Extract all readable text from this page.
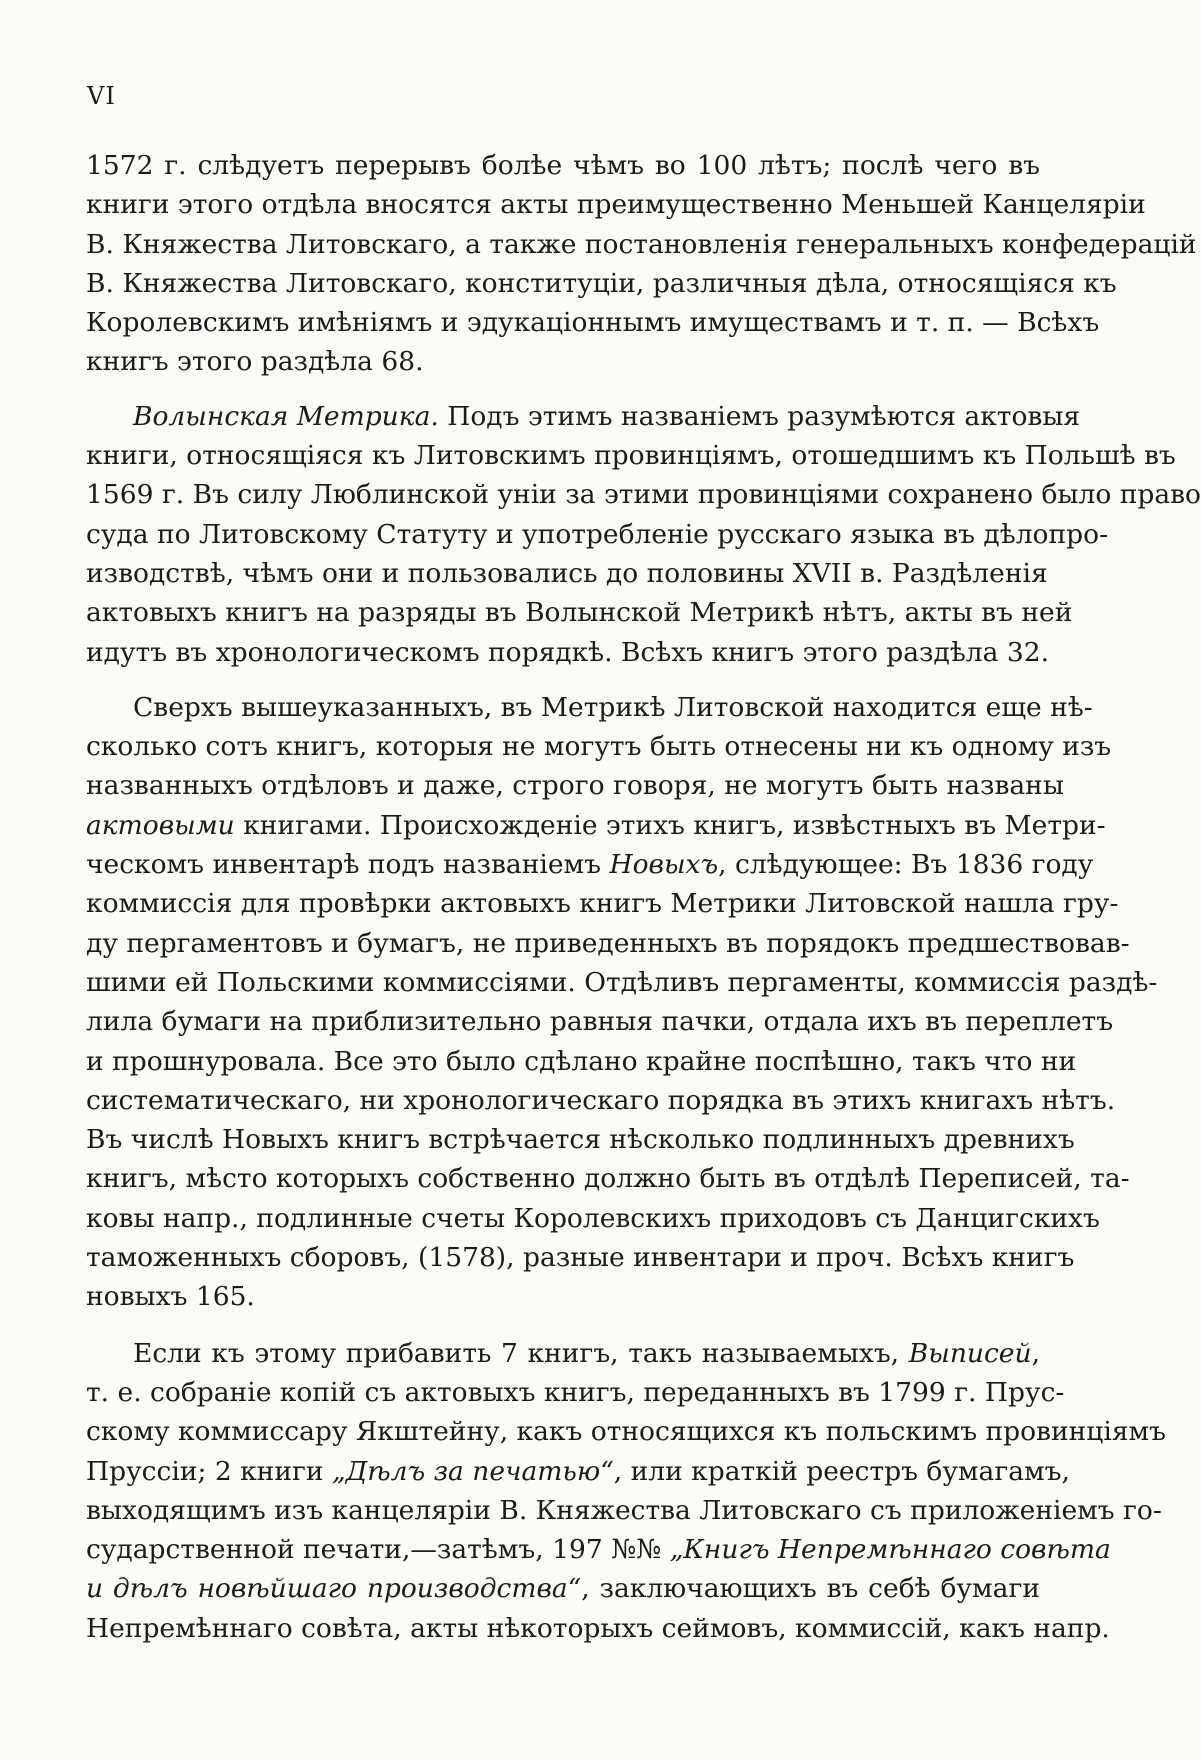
VI
1572 г. слѣдуетъ перерывъ болѣе чѣмъ во 100 лѣтъ; послѣ чего въ
книги этого отдѣла вносятся акты преимущественно Меньшей Канцеляріи
В. Княжества Литовскаго, а также постановленія генеральныхъ конфедерацій
В. Княжества Литовскаго, конституціи, различныя дѣла, относящіяся къ
Королевскимъ имѣніямъ и эдукаціоннымъ имуществамъ и т. п. — Всѣхъ
книгъ этого раздѣла 68.
Волынская Метрика. Подъ этимъ названіемъ разумѣются актовыя
книги, относящіяся къ Литовскимъ провинціямъ, отошедшимъ къ Польшѣ въ
1569 г. Въ силу Люблинской уніи за этими провинціями сохранено было право
суда по Литовскому Статуту и употребленіе русскаго языка въ дѣлопро-
изводствѣ, чѣмъ они и пользовались до половины XVII в. Раздѣленія
актовыхъ книгъ на разряды въ Волынской Метрикѣ нѣтъ, акты въ ней
идутъ въ хронологическомъ порядкѣ. Всѣхъ книгъ этого раздѣла 32.
Сверхъ вышеуказанныхъ, въ Метрикѣ Литовской находится еще нѣ-
сколько сотъ книгъ, которыя не могутъ быть отнесены ни къ одному изъ
названныхъ отдѣловъ и даже, строго говоря, не могутъ быть названы
актовыми книгами. Происхожденіе этихъ книгъ, извѣстныхъ въ Метри-
ческомъ инвентарѣ подъ названіемъ Новыхъ, слѣдующее: Въ 1836 году
коммиссія для провѣрки актовыхъ книгъ Метрики Литовской нашла гру-
ду пергаментовъ и бумагъ, не приведенныхъ въ порядокъ предшествовав-
шими ей Польскими коммиссіями. Отдѣливъ пергаменты, коммиссія раздѣ-
лила бумаги на приблизительно равныя пачки, отдала ихъ въ переплетъ
и прошнуровала. Все это было сдѣлано крайне поспѣшно, такъ что ни
систематическаго, ни хронологическаго порядка въ этихъ книгахъ нѣтъ.
Въ числѣ Новыхъ книгъ встрѣчается нѣсколько подлинныхъ древнихъ
книгъ, мѣсто которыхъ собственно должно быть въ отдѣлѣ Переписей, та-
ковы напр., подлинные счеты Королевскихъ приходовъ съ Данцигскихъ
таможенныхъ сборовъ, (1578), разные инвентари и проч. Всѣхъ книгъ
новыхъ 165.
Если къ этому прибавить 7 книгъ, такъ называемыхъ, Выписей,
т. е. собраніе копій съ актовыхъ книгъ, переданныхъ въ 1799 г. Прус-
скому коммиссару Якштейну, какъ относящихся къ польскимъ провинціямъ
Пруссіи; 2 книги „Дѣлъ за печатью“, или краткій реестръ бумагамъ,
выходящимъ изъ канцеляріи В. Княжества Литовскаго съ приложеніемъ го-
сударственной печати,—затѣмъ, 197 №№ „Книгъ Непремѣннаго совѣта
и дѣлъ новѣйшаго производства“, заключающихъ въ себѣ бумаги
Непремѣннаго совѣта, акты нѣкоторыхъ сеймовъ, коммиссій, какъ напр.
